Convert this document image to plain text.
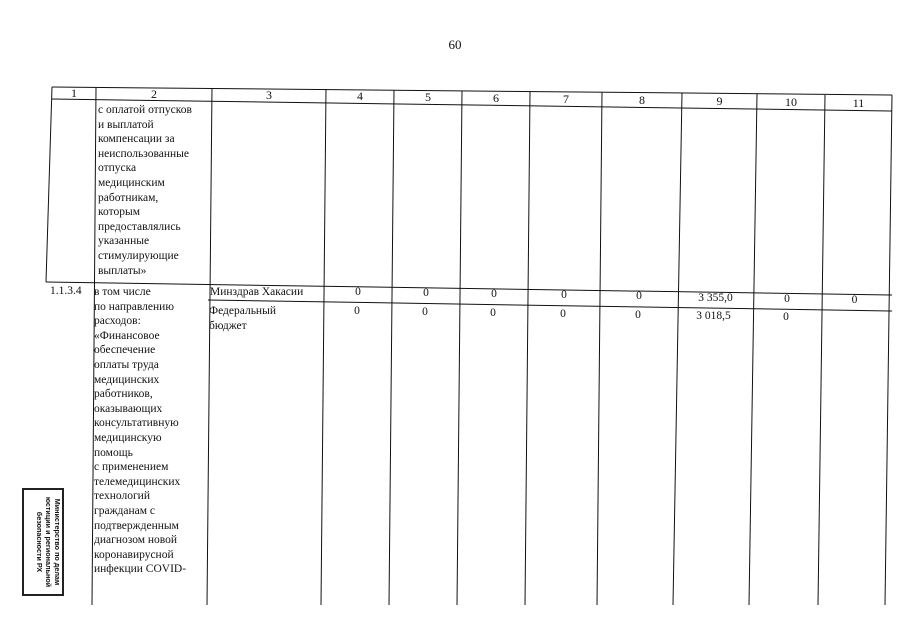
60
1	2	3	4	5	6	7	8	9	10	11
с оплатой отпусков
и выплатой
компенсации за
неиспользованные
отпуска
медицинским
работникам,
которым
предоставлялись
указанные
стимулирующие
выплаты»
1.1.3.4 в том числе
по направлению
расходов:
«Финансовое
обеспечение
оплаты труда
медицинских
работников,
оказывающих
консультативную
медицинскую
помощь
с применением
телемедицинских
технологий
гражданам с
подтвержденным
диагнозом новой
коронавирусной
инфекции COVID-
Минздрав Хакасии	0	0	0	0	0	3 355,0	0	0
Федеральный
бюджет
0	0	0	0	0	3 018,5	0
Министерство по делам
юстиции и региональной
безопасности РХ
